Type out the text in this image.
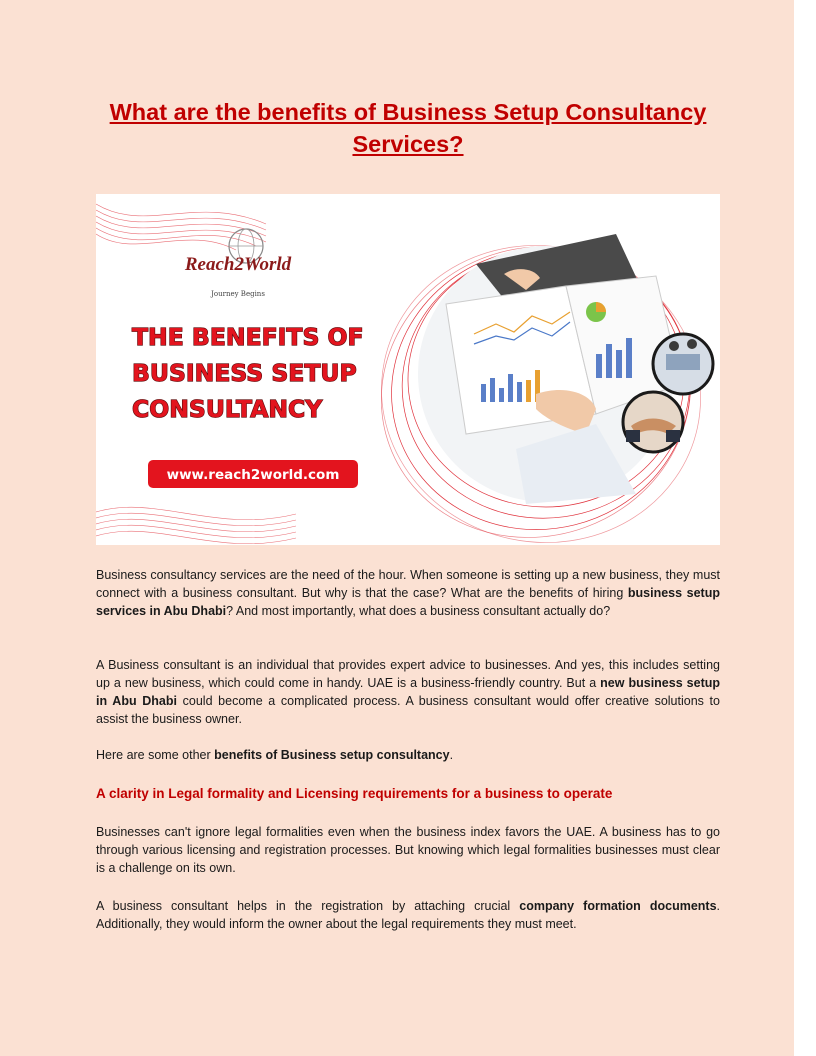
What are the benefits of Business Setup Consultancy Services?
Reach2World
Journey Begins
THE BENEFITS OF
BUSINESS SETUP
CONSULTANCY
www.reach2world.com

Business consultancy services are the need of the hour. When someone is setting up a new business, they must connect with a business consultant. But why is that the case? What are the benefits of hiring business setup services in Abu Dhabi? And most importantly, what does a business consultant actually do?

A Business consultant is an individual that provides expert advice to businesses. And yes, this includes setting up a new business, which could come in handy. UAE is a business-friendly country. But a new business setup in Abu Dhabi could become a complicated process. A business consultant would offer creative solutions to assist the business owner.

Here are some other benefits of Business setup consultancy.

A clarity in Legal formality and Licensing requirements for a business to operate

Businesses can't ignore legal formalities even when the business index favors the UAE. A business has to go through various licensing and registration processes. But knowing which legal formalities businesses must clear is a challenge on its own.

A business consultant helps in the registration by attaching crucial company formation documents. Additionally, they would inform the owner about the legal requirements they must meet.
